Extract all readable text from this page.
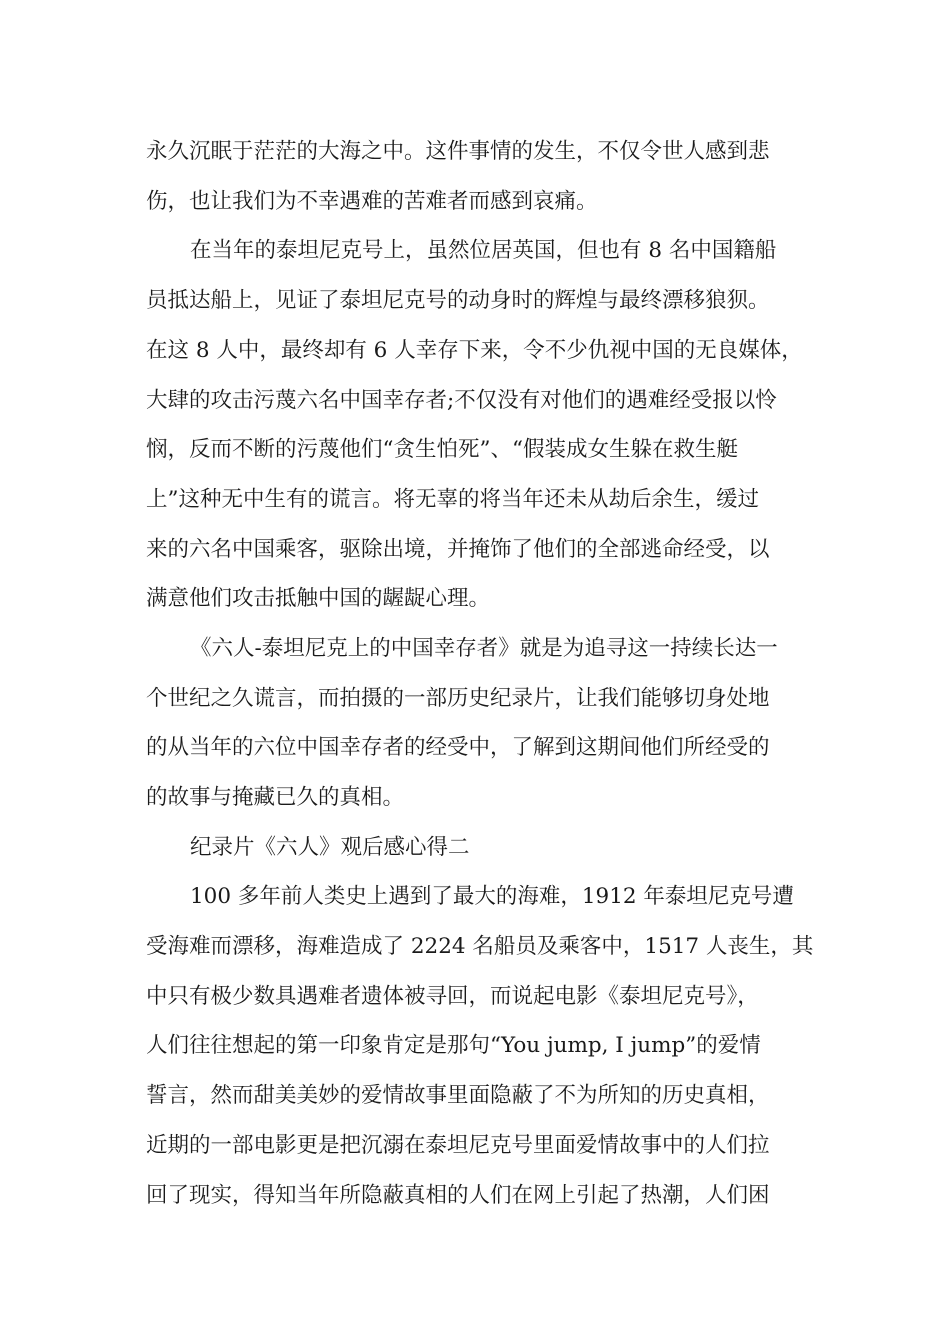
永久沉眠于茫茫的大海之中。这件事情的发生，不仅令世人感到悲

伤，也让我们为不幸遇难的苦难者而感到哀痛。

在当年的泰坦尼克号上，虽然位居英国，但也有 8 名中国籍船

员抵达船上，见证了泰坦尼克号的动身时的辉煌与最终漂移狼狈。

在这 8 人中，最终却有 6 人幸存下来，令不少仇视中国的无良媒体，

大肆的攻击污蔑六名中国幸存者;不仅没有对他们的遇难经受报以怜

悯，反而不断的污蔑他们“贪生怕死”、“假装成女生躲在救生艇

上”这种无中生有的谎言。将无辜的将当年还未从劫后余生，缓过

来的六名中国乘客，驱除出境，并掩饰了他们的全部逃命经受，以

满意他们攻击抵触中国的龌龊心理。

《六人-泰坦尼克上的中国幸存者》就是为追寻这一持续长达一

个世纪之久谎言，而拍摄的一部历史纪录片，让我们能够切身处地

的从当年的六位中国幸存者的经受中，了解到这期间他们所经受的

的故事与掩藏已久的真相。

纪录片《六人》观后感心得二

100 多年前人类史上遇到了最大的海难，1912 年泰坦尼克号遭

受海难而漂移，海难造成了 2224 名船员及乘客中，1517 人丧生，其

中只有极少数具遇难者遗体被寻回，而说起电影《泰坦尼克号》，

人们往往想起的第一印象肯定是那句“You jump, I jump”的爱情

誓言，然而甜美美妙的爱情故事里面隐蔽了不为所知的历史真相，

近期的一部电影更是把沉溺在泰坦尼克号里面爱情故事中的人们拉

回了现实，得知当年所隐蔽真相的人们在网上引起了热潮，人们困
